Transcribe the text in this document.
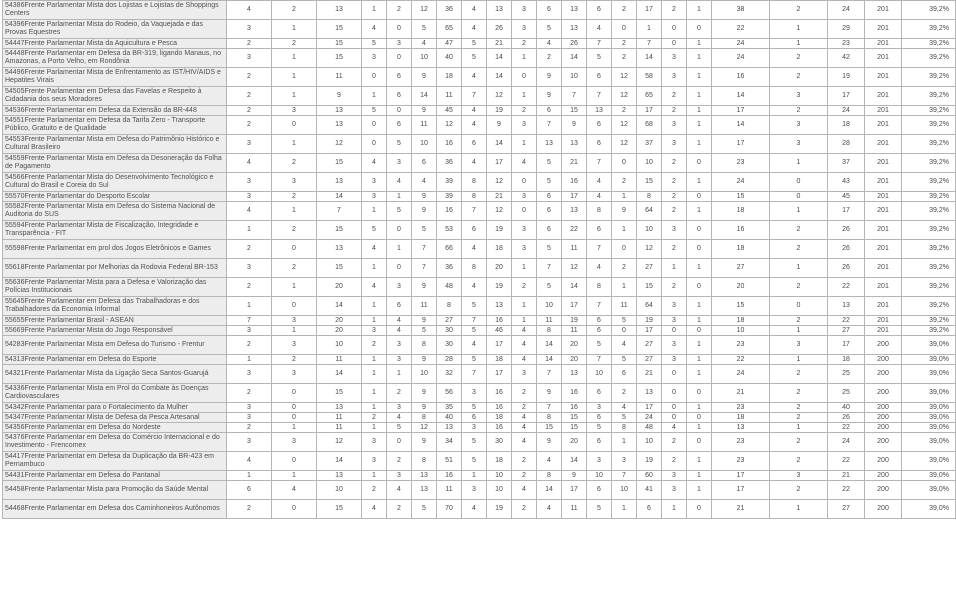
54386Frente Parlamentar Mista dos Lojistas e Lojistas de Shoppings Centers	4	2	13	1	2	12	36	4	13	3	6	13	6	2	17	2	1	38	2	24	201	39,2%
54396Frente Parlamentar Mista do Rodeio, da Vaquejada e das Provas Equestres	3	1	15	4	0	5	65	4	26	3	5	13	4	0	1	0	0	22	1	29	201	39,2%
54447Frente Parlamentar Mista da Aquicultura e Pesca	2	2	15	5	3	4	47	5	21	2	4	26	7	2	7	0	1	24	1	23	201	39,2%
54448Frente Parlamentar em Defesa da BR-319, ligando Manaus, no Amazonas, a Porto Velho, em Rondônia	3	1	15	3	0	10	40	5	14	1	2	14	5	2	14	3	1	24	2	42	201	39,2%
54496Frente Parlamentar Mista de Enfrentamento as IST/HIV/AIDS e Hepatites Virais	2	1	11	0	6	9	18	4	14	0	9	10	6	12	58	3	1	16	2	19	201	39,2%
54505Frente Parlamentar em Defesa das Favelas e Respeito à Cidadania dos seus Moradores	2	1	9	1	6	14	11	7	12	1	9	7	7	12	65	2	1	14	3	17	201	39,2%
54536Frente Parlamentar em Defesa da Extensão da BR-448	2	3	13	5	0	9	45	4	19	2	6	15	13	2	17	2	1	17	2	24	201	39,2%
54551Frente Parlamentar em Defesa da Tarifa Zero - Transporte Público, Gratuito e de Qualidade	2	0	13	0	6	11	12	4	9	3	7	9	6	12	68	3	1	14	3	18	201	39,2%
54553Frente Parlamentar Mista em Defesa do Patrimônio Histórico e Cultural Brasileiro	3	1	12	0	5	10	16	6	14	1	13	13	6	12	37	3	1	17	3	28	201	39,2%
54559Frente Parlamentar Mista em Defesa da Desoneração da Folha de Pagamento	4	2	15	4	3	6	36	4	17	4	5	21	7	0	10	2	0	23	1	37	201	39,2%
54566Frente Parlamentar Mista do Desenvolvimento Tecnológico e Cultural do Brasil e Coreia do Sul	3	3	13	3	4	4	39	8	12	0	5	16	4	2	15	2	1	24	0	43	201	39,2%
55570Frente Parlamentar do Desporto Escolar	3	2	14	3	1	9	39	8	21	3	6	17	4	1	8	2	0	15	0	45	201	39,2%
55582Frente Parlamentar Mista em Defesa do Sistema Nacional de Auditoria do SUS	4	1	7	1	5	9	16	7	12	0	6	13	8	9	64	2	1	18	1	17	201	39,2%
55594Frente Parlamentar Mista de Fiscalização, Integridade e Transparência - FIT	1	2	15	5	0	5	53	6	19	3	6	22	6	1	10	3	0	16	2	26	201	39,2%
55598Frente Parlamentar em prol dos Jogos Eletrônicos e Games	2	0	13	4	1	7	66	4	18	3	5	11	7	0	12	2	0	18	2	26	201	39,2%
55618Frente Parlamentar por Melhorias da Rodovia Federal BR-153	3	2	15	1	0	7	36	8	20	1	7	12	4	2	27	1	1	27	1	26	201	39,2%
55636Frente Parlamentar Mista para a Defesa e Valorização das Polícias Institucionais	2	1	20	4	3	9	48	4	19	2	5	14	8	1	15	2	0	20	2	22	201	39,2%
55645Frente Parlamentar em Defesa das Trabalhadoras e dos Trabalhadores da Economia Informal	1	0	14	1	6	11	8	5	13	1	10	17	7	11	64	3	1	15	0	13	201	39,2%
55655Frente Parlamentar Brasil - ASEAN	7	3	20	1	4	9	27	7	16	1	11	19	6	5	19	3	1	18	2	22	201	39,2%
55669Frente Parlamentar Mista do Jogo Responsável	3	1	20	3	4	5	30	5	46	4	8	11	6	0	17	0	0	10	1	27	201	39,2%
54283Frente Parlamentar Mista em Defesa do Turismo - Frentur	2	3	10	2	3	8	30	4	17	4	14	20	5	4	27	3	1	23	3	17	200	39,0%
54313Frente Parlamentar em Defesa do Esporte	1	2	11	1	3	9	28	5	18	4	14	20	7	5	27	3	1	22	1	18	200	39,0%
54321Frente Parlamentar Mista da Ligação Seca Santos-Guarujá	3	3	14	1	1	10	32	7	17	3	7	13	10	6	21	0	1	24	2	25	200	39,0%
54336Frente Parlamentar Mista em Prol do Combate às Doenças Cardiovasculares	2	0	15	1	2	9	56	3	16	2	9	16	6	2	13	0	0	21	2	25	200	39,0%
54342Frente Parlamentar para o Fortalecimento da Mulher	3	0	13	1	3	9	35	5	16	2	7	16	3	4	17	0	1	23	2	40	200	39,0%
54347Frente Parlamentar Mista de Defesa da Pesca Artesanal	3	0	11	2	4	8	40	6	18	4	8	15	6	5	24	0	0	18	2	26	200	39,0%
54356Frente Parlamentar em Defesa do Nordeste	2	1	11	1	5	12	13	3	16	4	15	15	5	8	48	4	1	13	1	22	200	39,0%
54376Frente Parlamentar em Defesa do Comércio Internacional e do Investimento - Frencomex	3	3	12	3	0	9	34	5	30	4	9	20	6	1	10	2	0	23	2	24	200	39,0%
54417Frente Parlamentar em Defesa da Duplicação da BR-423 em Pernambuco	4	0	14	3	2	8	51	5	18	2	4	14	3	3	19	2	1	23	2	22	200	39,0%
54431Frente Parlamentar em Defesa do Pantanal	1	1	13	1	3	13	16	1	10	2	8	9	10	7	60	3	1	17	3	21	200	39,0%
54458Frente Parlamentar Mista para Promoção da Saúde Mental	6	4	10	2	4	13	11	3	10	4	14	17	6	10	41	3	1	17	2	22	200	39,0%
54468Frente Parlamentar em Defesa dos Caminhoneiros Autônomos	2	0	15	4	2	5	70	4	19	2	4	11	5	1	6	1	0	21	1	27	200	39,0%
